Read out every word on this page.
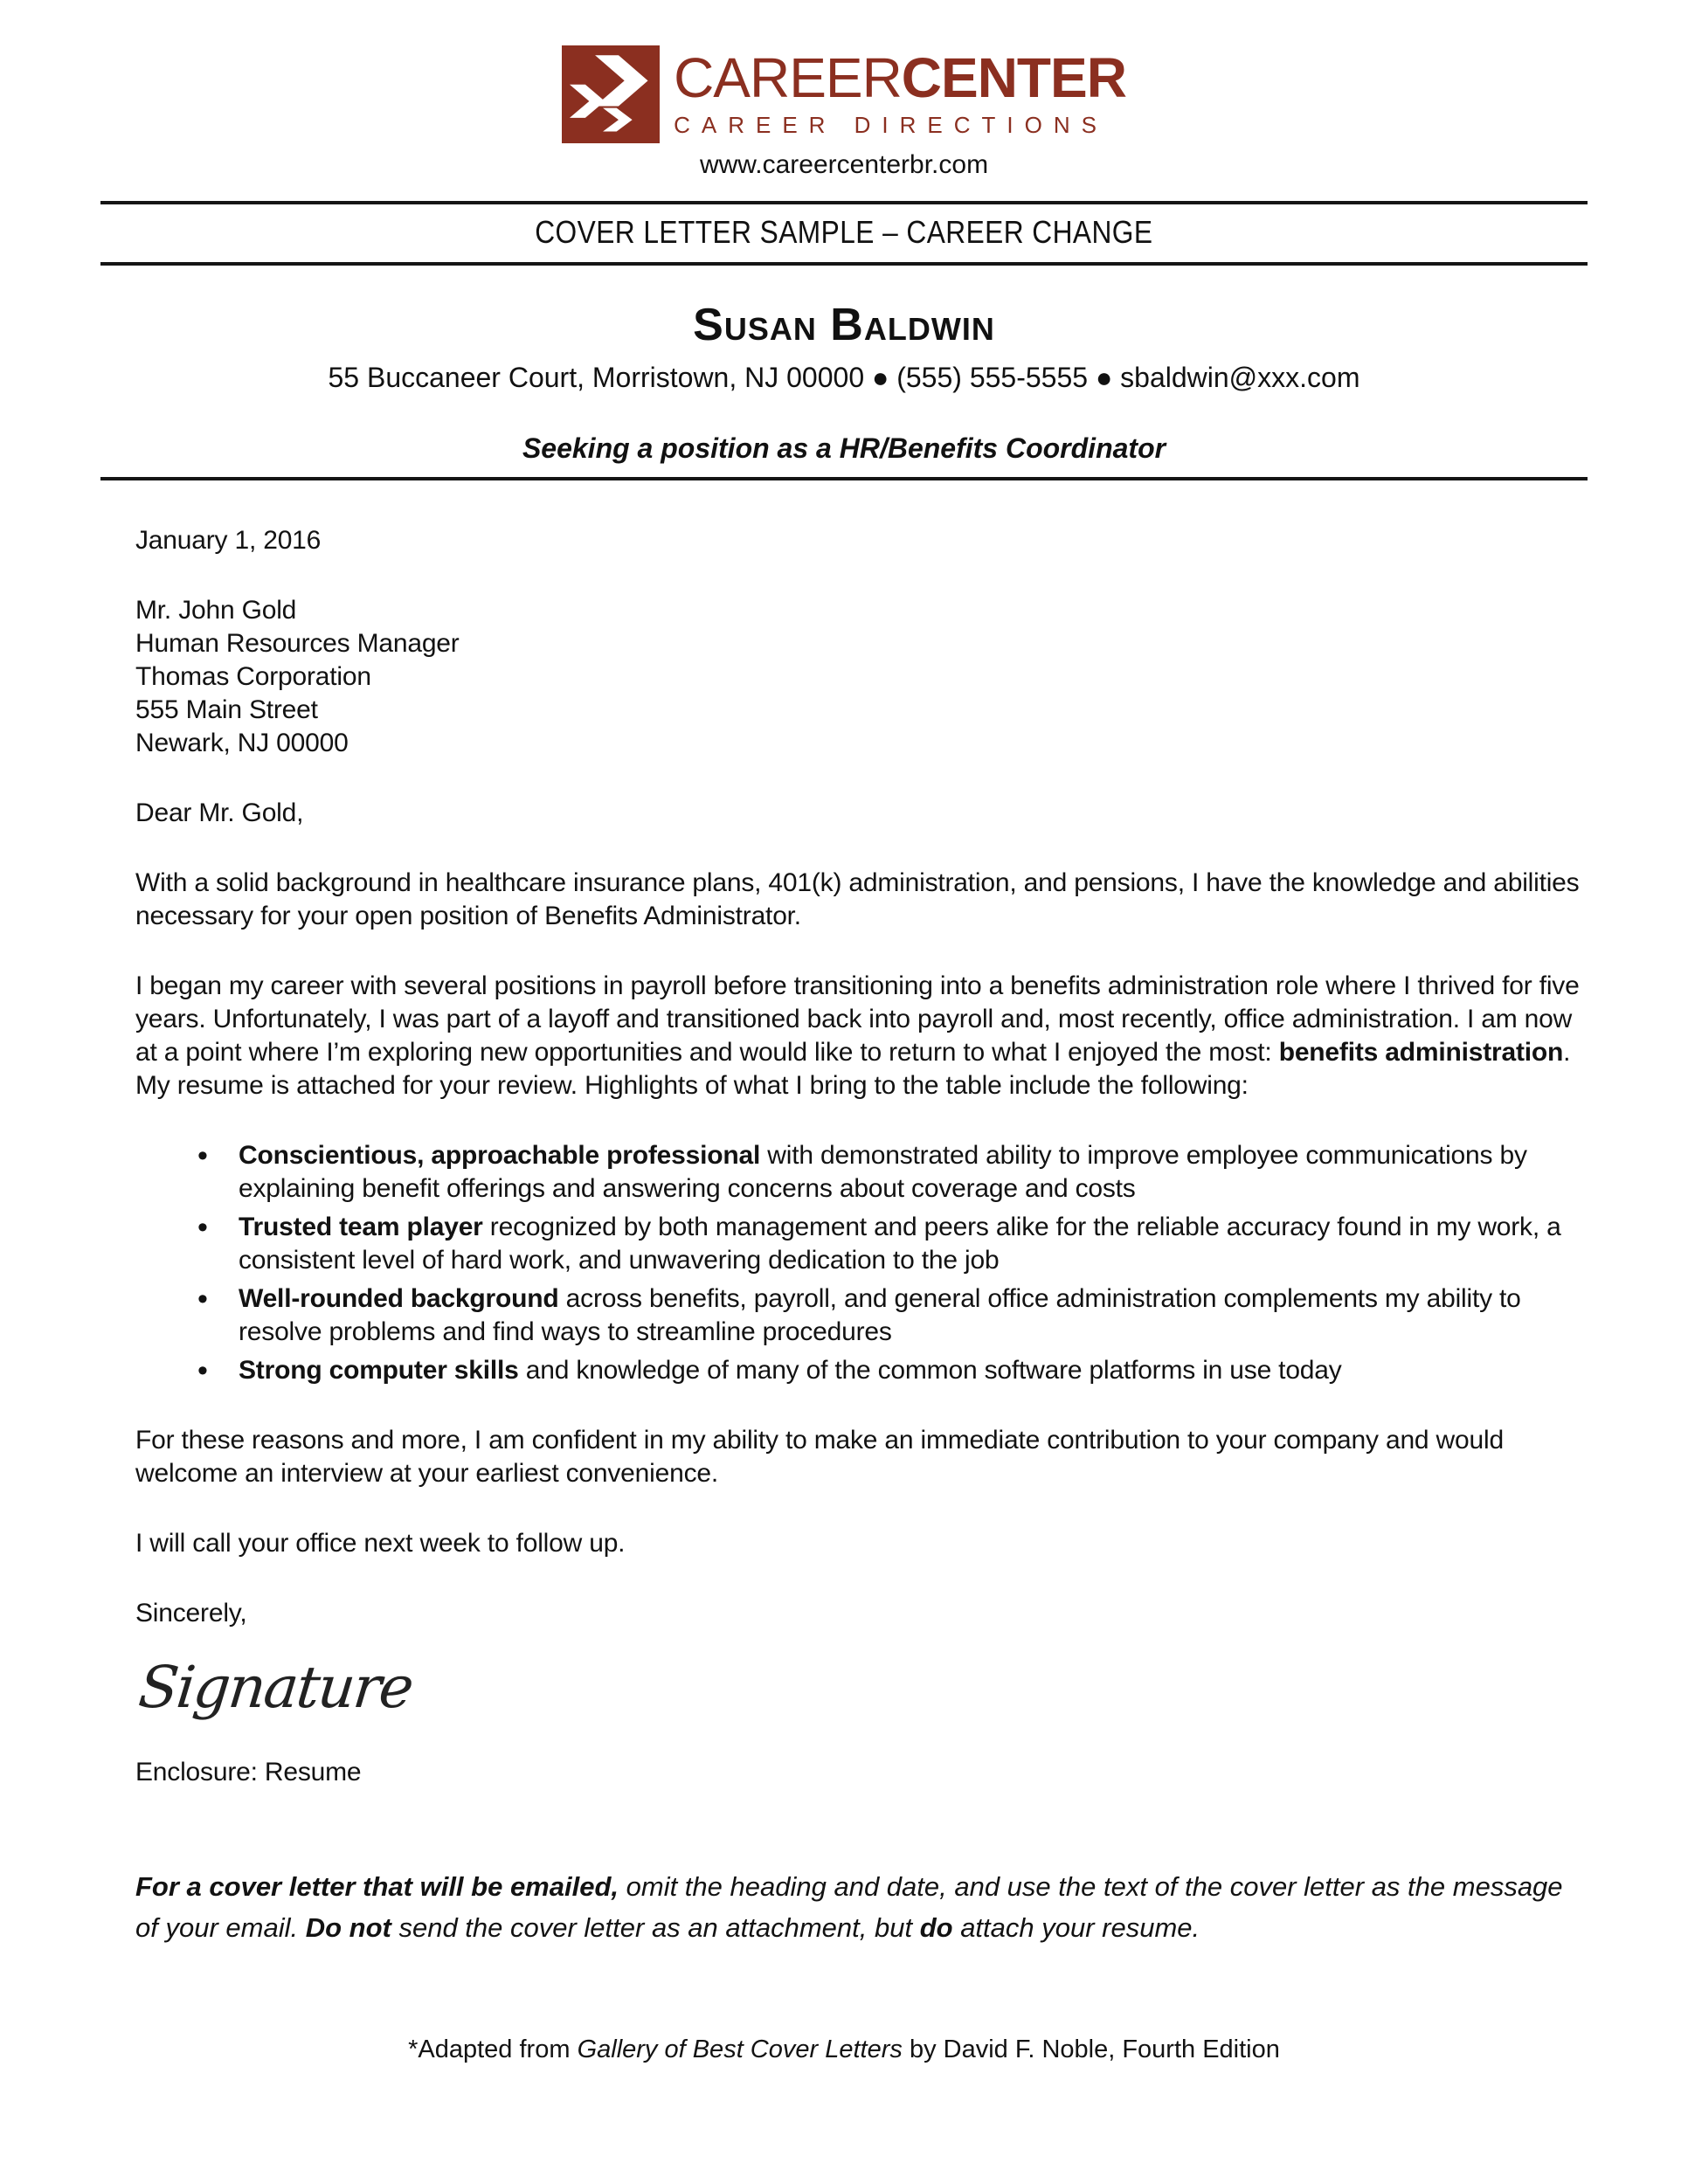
CAREERCENTER
CAREER DIRECTIONS
www.careercenterbr.com
COVER LETTER SAMPLE – CAREER CHANGE
Susan Baldwin
55 Buccaneer Court, Morristown, NJ 00000 ● (555) 555-5555 ● sbaldwin@xxx.com
Seeking a position as a HR/Benefits Coordinator
January 1, 2016
Mr. John Gold
Human Resources Manager
Thomas Corporation
555 Main Street
Newark, NJ 00000
Dear Mr. Gold,

With a solid background in healthcare insurance plans, 401(k) administration, and pensions, I have the knowledge and abilities necessary for your open position of Benefits Administrator.

I began my career with several positions in payroll before transitioning into a benefits administration role where I thrived for five years. Unfortunately, I was part of a layoff and transitioned back into payroll and, most recently, office administration. I am now at a point where I’m exploring new opportunities and would like to return to what I enjoyed the most: benefits administration. My resume is attached for your review. Highlights of what I bring to the table include the following:

• Conscientious, approachable professional with demonstrated ability to improve employee communications by explaining benefit offerings and answering concerns about coverage and costs
• Trusted team player recognized by both management and peers alike for the reliable accuracy found in my work, a consistent level of hard work, and unwavering dedication to the job
• Well-rounded background across benefits, payroll, and general office administration complements my ability to resolve problems and find ways to streamline procedures
• Strong computer skills and knowledge of many of the common software platforms in use today

For these reasons and more, I am confident in my ability to make an immediate contribution to your company and would welcome an interview at your earliest convenience.

I will call your office next week to follow up.

Sincerely,
Signature
Enclosure: Resume
For a cover letter that will be emailed, omit the heading and date, and use the text of the cover letter as the message of your email. Do not send the cover letter as an attachment, but do attach your resume.
*Adapted from Gallery of Best Cover Letters by David F. Noble, Fourth Edition
